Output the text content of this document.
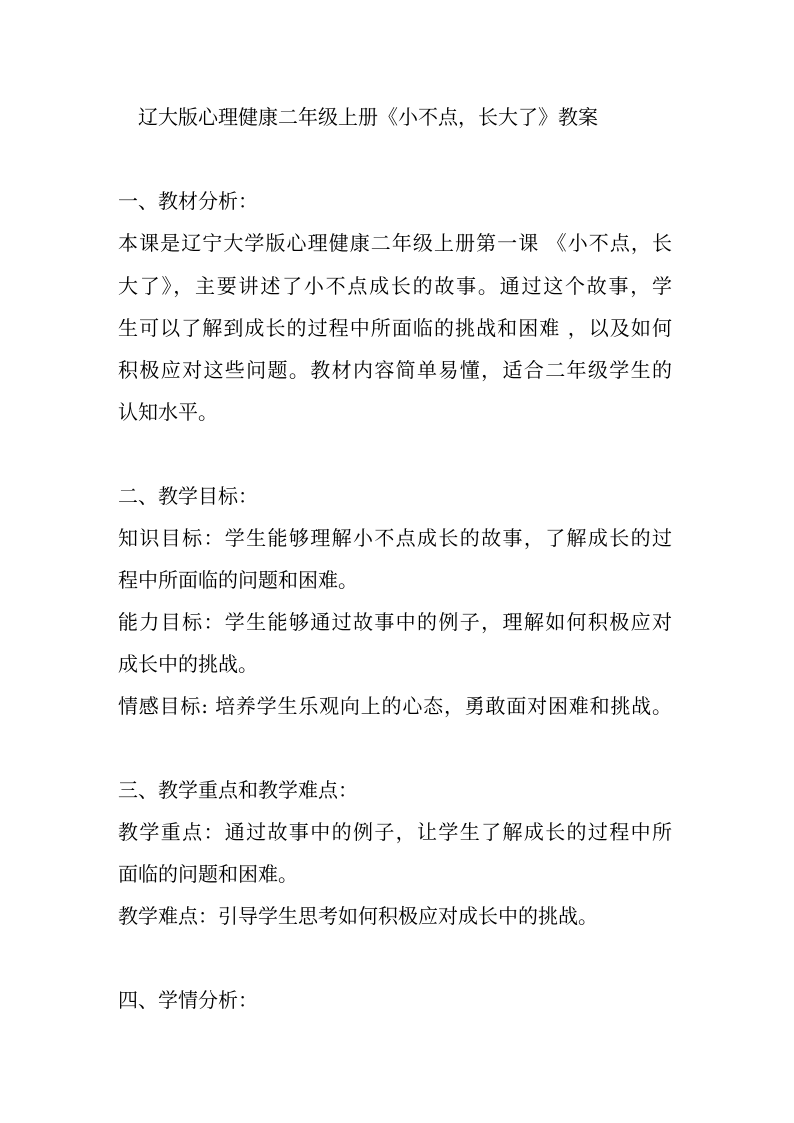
辽大版心理健康二年级上册《小不点，长大了》教案
一、教材分析：
本课是辽宁大学版心理健康二年级上册第一课 《小不点，长
大了》，主要讲述了小不点成长的故事。通过这个故事，学
生可以了解到成长的过程中所面临的挑战和困难 ，以及如何
积极应对这些问题。教材内容简单易懂，适合二年级学生的
认知水平。
二、教学目标：
知识目标：学生能够理解小不点成长的故事，了解成长的过
程中所面临的问题和困难。
能力目标：学生能够通过故事中的例子，理解如何积极应对
成长中的挑战。
情感目标: 培养学生乐观向上的心态，勇敢面对困难和挑战。
三、教学重点和教学难点：
教学重点：通过故事中的例子，让学生了解成长的过程中所
面临的问题和困难。
教学难点：引导学生思考如何积极应对成长中的挑战。
四、学情分析：
